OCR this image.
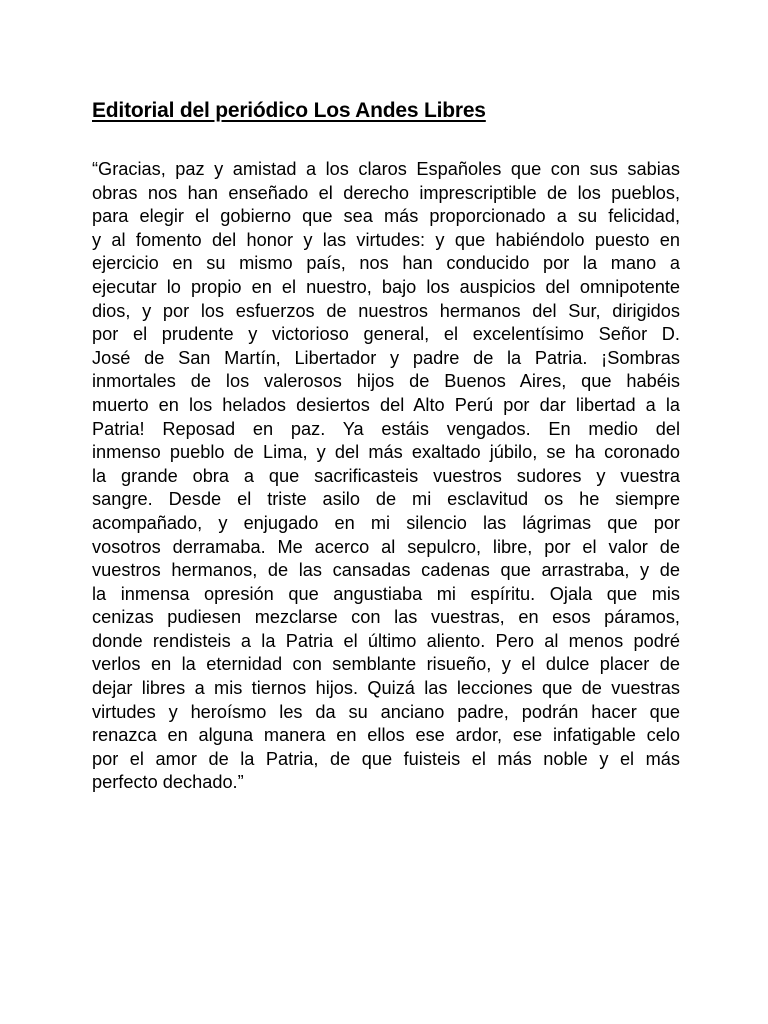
Editorial del periódico Los Andes Libres
“Gracias, paz y amistad a los claros Españoles que con sus sabias
obras nos han enseñado el derecho imprescriptible de los pueblos,
para elegir el gobierno que sea más proporcionado a su felicidad,
y al fomento del honor y las virtudes: y que habiéndolo puesto en
ejercicio en su mismo país, nos han conducido por la mano a
ejecutar lo propio en el nuestro, bajo los auspicios del omnipotente
dios, y por los esfuerzos de nuestros hermanos del Sur, dirigidos
por el prudente y victorioso general, el excelentísimo Señor D.
José de San Martín, Libertador y padre de la Patria. ¡Sombras
inmortales de los valerosos hijos de Buenos Aires, que habéis
muerto en los helados desiertos del Alto Perú por dar libertad a la
Patria! Reposad en paz. Ya estáis vengados. En medio del
inmenso pueblo de Lima, y del más exaltado júbilo, se ha coronado
la grande obra a que sacrificasteis vuestros sudores y vuestra
sangre. Desde el triste asilo de mi esclavitud os he siempre
acompañado, y enjugado en mi silencio las lágrimas que por
vosotros derramaba. Me acerco al sepulcro, libre, por el valor de
vuestros hermanos, de las cansadas cadenas que arrastraba, y de
la inmensa opresión que angustiaba mi espíritu. Ojala que mis
cenizas pudiesen mezclarse con las vuestras, en esos páramos,
donde rendisteis a la Patria el último aliento. Pero al menos podré
verlos en la eternidad con semblante risueño, y el dulce placer de
dejar libres a mis tiernos hijos. Quizá las lecciones que de vuestras
virtudes y heroísmo les da su anciano padre, podrán hacer que
renazca en alguna manera en ellos ese ardor, ese infatigable celo
por el amor de la Patria, de que fuisteis el más noble y el más
perfecto dechado.”
